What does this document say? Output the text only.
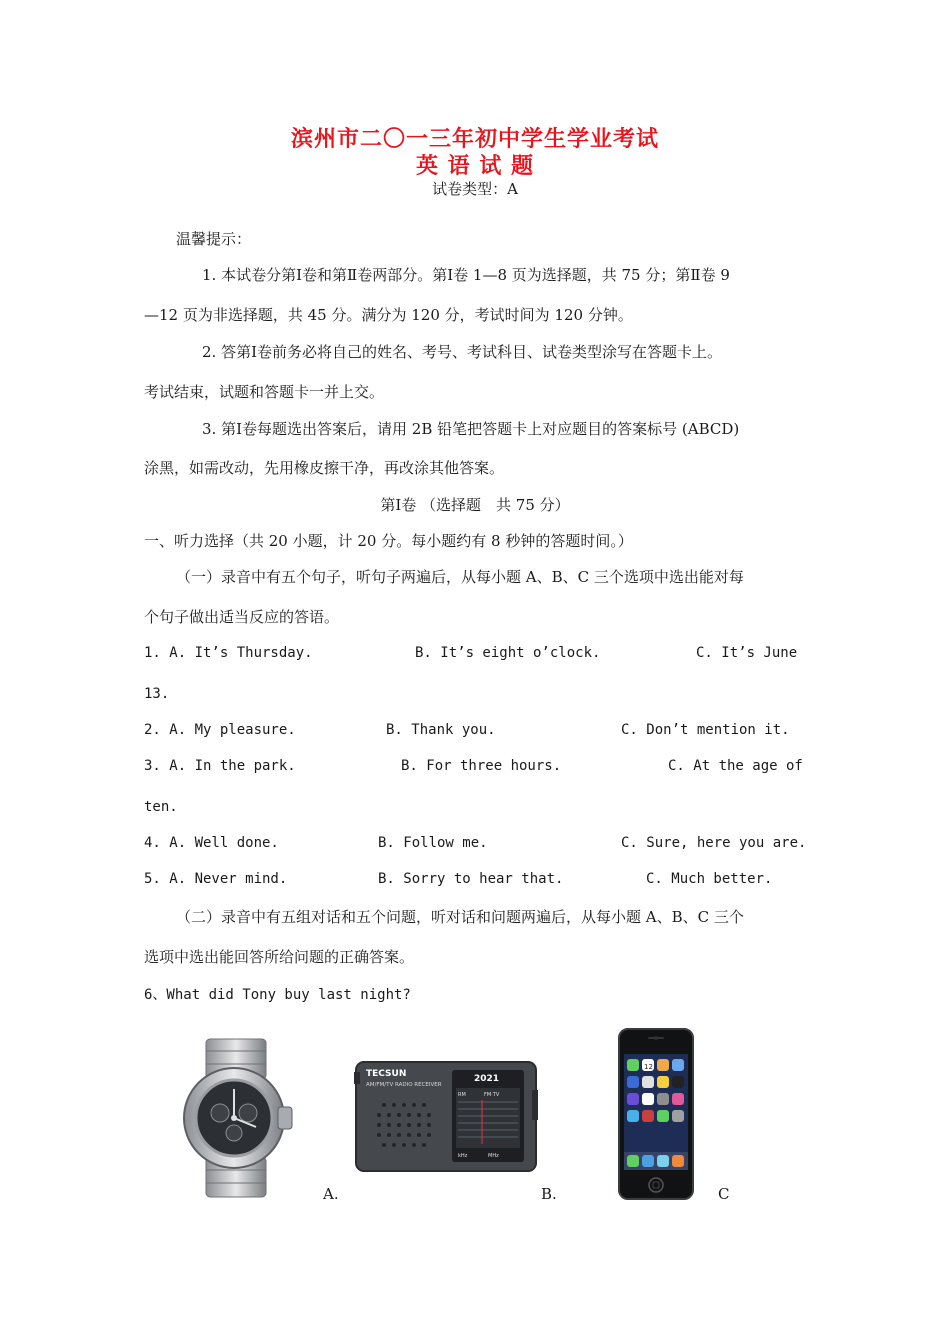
滨州市二〇一三年初中学生学业考试
英 语 试 题
试卷类型：A
温馨提示：
1. 本试卷分第Ⅰ卷和第Ⅱ卷两部分。第Ⅰ卷 1—8 页为选择题，共 75 分；第Ⅱ卷 9
—12 页为非选择题，共 45 分。满分为 120 分，考试时间为 120 分钟。
2. 答第Ⅰ卷前务必将自己的姓名、考号、考试科目、试卷类型涂写在答题卡上。
考试结束，试题和答题卡一并上交。
3. 第Ⅰ卷每题选出答案后，请用 2B 铅笔把答题卡上对应题目的答案标号 (ABCD)
涂黑，如需改动，先用橡皮擦干净，再改涂其他答案。
第Ⅰ卷 （选择题　共 75 分）
一、听力选择（共 20 小题，计 20 分。每小题约有 8 秒钟的答题时间。）
（一）录音中有五个句子，听句子两遍后，从每小题 A、B、C 三个选项中选出能对每
个句子做出适当反应的答语。
1. A. It’s Thursday.	B. It’s eight o’clock.	C. It’s June
13.
2. A. My pleasure.	B. Thank you.	C. Don’t mention it.
3. A. In the park.	B. For three hours.	C. At the age of
ten.
4. A. Well done.	B. Follow me.	C. Sure, here you are.
5. A. Never mind.	B. Sorry to hear that.	C. Much better.
（二）录音中有五组对话和五个问题，听对话和问题两遍后，从每小题 A、B、C 三个
选项中选出能回答所给问题的正确答案。
6、What did Tony buy last night?
A.
TECSUN
AM/FM/TV RADIO RECEIVER
2021
RM	FM·TV
kHz	MHz
B.
12
C
